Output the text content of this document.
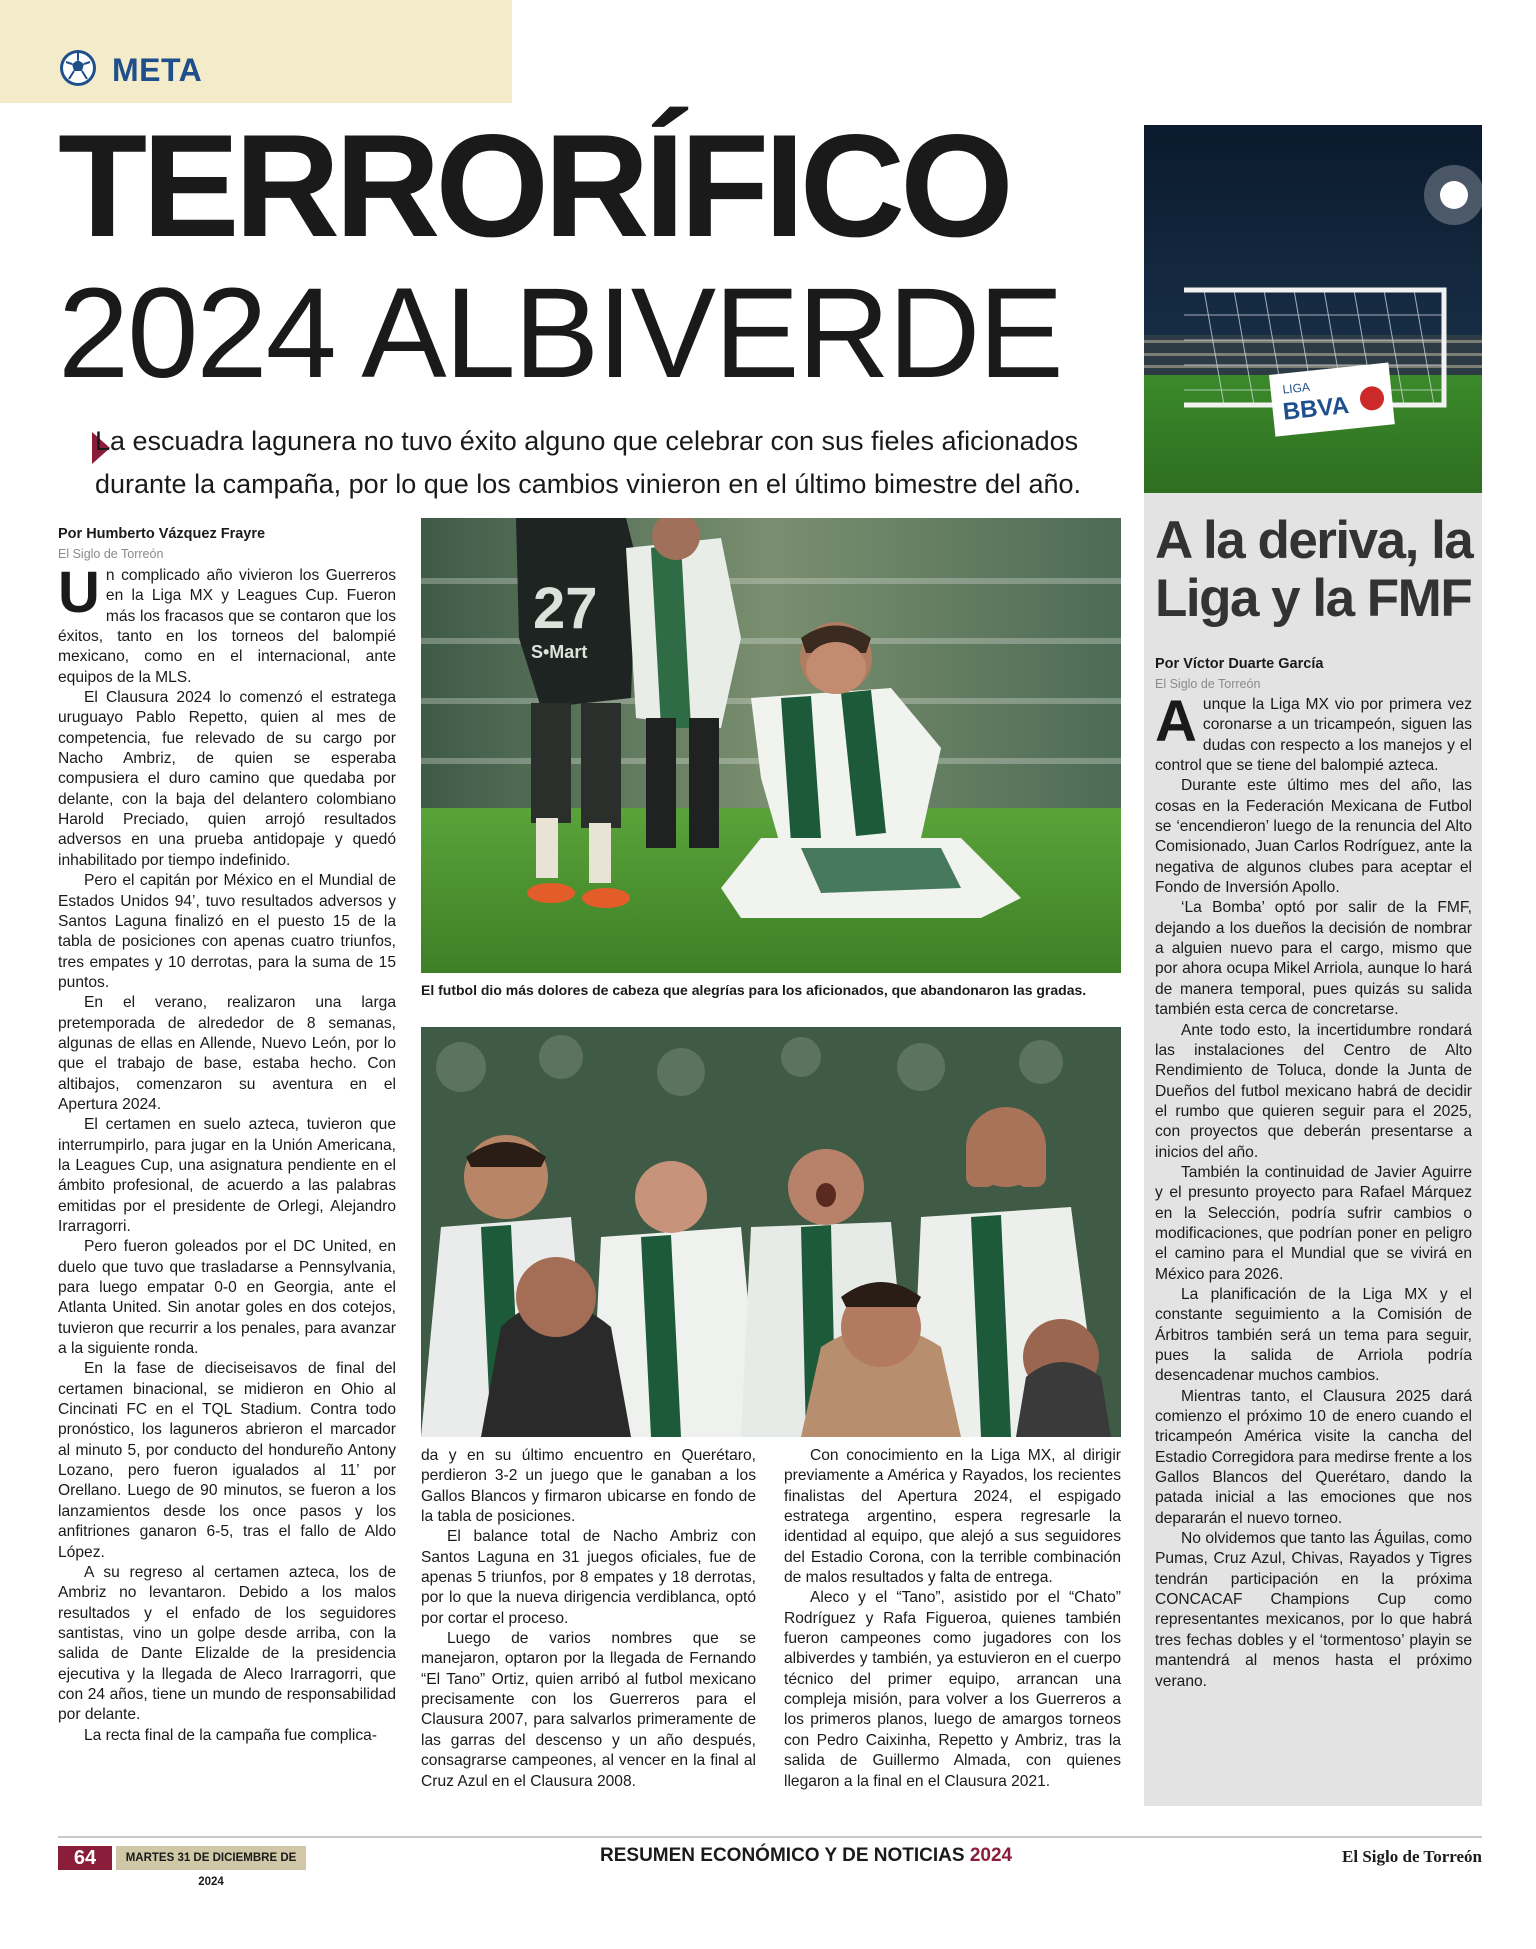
META
TERRORÍFICO
2024 ALBIVERDE
La escuadra lagunera no tuvo éxito alguno que celebrar con sus fieles aficionados durante la campaña, por lo que los cambios vinieron en el último bimestre del año.
Por Humberto Vázquez Frayre
El Siglo de Torreón

Un complicado año vivieron los Guerreros en la Liga MX y Leagues Cup. Fueron más los fracasos que se contaron que los éxitos, tanto en los torneos del balompié mexicano, como en el internacional, ante equipos de la MLS.

El Clausura 2024 lo comenzó el estratega uruguayo Pablo Repetto, quien al mes de competencia, fue relevado de su cargo por Nacho Ambriz, de quien se esperaba compusiera el duro camino que quedaba por delante, con la baja del delantero colombiano Harold Preciado, quien arrojó resultados adversos en una prueba antidopaje y quedó inhabilitado por tiempo indefinido.

Pero el capitán por México en el Mundial de Estados Unidos 94’, tuvo resultados adversos y Santos Laguna finalizó en el puesto 15 de la tabla de posiciones con apenas cuatro triunfos, tres empates y 10 derrotas, para la suma de 15 puntos.

En el verano, realizaron una larga pretemporada de alrededor de 8 semanas, algunas de ellas en Allende, Nuevo León, por lo que el trabajo de base, estaba hecho. Con altibajos, comenzaron su aventura en el Apertura 2024.

El certamen en suelo azteca, tuvieron que interrumpirlo, para jugar en la Unión Americana, la Leagues Cup, una asignatura pendiente en el ámbito profesional, de acuerdo a las palabras emitidas por el presidente de Orlegi, Alejandro Irarragorri.

Pero fueron goleados por el DC United, en duelo que tuvo que trasladarse a Pennsylvania, para luego empatar 0-0 en Georgia, ante el Atlanta United. Sin anotar goles en dos cotejos, tuvieron que recurrir a los penales, para avanzar a la siguiente ronda.

En la fase de dieciseisavos de final del certamen binacional, se midieron en Ohio al Cincinati FC en el TQL Stadium. Contra todo pronóstico, los laguneros abrieron el marcador al minuto 5, por conducto del hondureño Antony Lozano, pero fueron igualados al 11’ por Orellano. Luego de 90 minutos, se fueron a los lanzamientos desde los once pasos y los anfitriones ganaron 6-5, tras el fallo de Aldo López.

A su regreso al certamen azteca, los de Ambriz no levantaron. Debido a los malos resultados y el enfado de los seguidores santistas, vino un golpe desde arriba, con la salida de Dante Elizalde de la presidencia ejecutiva y la llegada de Aleco Irarragorri, que con 24 años, tiene un mundo de responsabilidad por delante.

La recta final de la campaña fue complica-

27
S•Mart
El futbol dio más dolores de cabeza que alegrías para los aficionados, que abandonaron las gradas.

da y en su último encuentro en Querétaro, perdieron 3-2 un juego que le ganaban a los Gallos Blancos y firmaron ubicarse en fondo de la tabla de posiciones.

El balance total de Nacho Ambriz con Santos Laguna en 31 juegos oficiales, fue de apenas 5 triunfos, por 8 empates y 18 derrotas, por lo que la nueva dirigencia verdiblanca, optó por cortar el proceso.

Luego de varios nombres que se manejaron, optaron por la llegada de Fernando “El Tano” Ortiz, quien arribó al futbol mexicano precisamente con los Guerreros para el Clausura 2007, para salvarlos primeramente de las garras del descenso y un año después, consagrarse campeones, al vencer en la final al Cruz Azul en el Clausura 2008.

Con conocimiento en la Liga MX, al dirigir previamente a América y Rayados, los recientes finalistas del Apertura 2024, el espigado estratega argentino, espera regresarle la identidad al equipo, que alejó a sus seguidores del Estadio Corona, con la terrible combinación de malos resultados y falta de entrega.

Aleco y el “Tano”, asistido por el “Chato” Rodríguez y Rafa Figueroa, quienes también fueron campeones como jugadores con los albiverdes y también, ya estuvieron en el cuerpo técnico del primer equipo, arrancan una compleja misión, para volver a los Guerreros a los primeros planos, luego de amargos torneos con Pedro Caixinha, Repetto y Ambriz, tras la salida de Guillermo Almada, con quienes llegaron a la final en el Clausura 2021.

LIGA
BBVA
A la deriva, la Liga y la FMF
Por Víctor Duarte García
El Siglo de Torreón

Aunque la Liga MX vio por primera vez coronarse a un tricampeón, siguen las dudas con respecto a los manejos y el control que se tiene del balompié azteca.

Durante este último mes del año, las cosas en la Federación Mexicana de Futbol se ‘encendieron’ luego de la renuncia del Alto Comisionado, Juan Carlos Rodríguez, ante la negativa de algunos clubes para aceptar el Fondo de Inversión Apollo.

‘La Bomba’ optó por salir de la FMF, dejando a los dueños la decisión de nombrar a alguien nuevo para el cargo, mismo que por ahora ocupa Mikel Arriola, aunque lo hará de manera temporal, pues quizás su salida también esta cerca de concretarse.

Ante todo esto, la incertidumbre rondará las instalaciones del Centro de Alto Rendimiento de Toluca, donde la Junta de Dueños del futbol mexicano habrá de decidir el rumbo que quieren seguir para el 2025, con proyectos que deberán presentarse a inicios del año.

También la continuidad de Javier Aguirre y el presunto proyecto para Rafael Márquez en la Selección, podría sufrir cambios o modificaciones, que podrían poner en peligro el camino para el Mundial que se vivirá en México para 2026.

La planificación de la Liga MX y el constante seguimiento a la Comisión de Árbitros también será un tema para seguir, pues la salida de Arriola podría desencadenar muchos cambios.

Mientras tanto, el Clausura 2025 dará comienzo el próximo 10 de enero cuando el tricampeón América visite la cancha del Estadio Corregidora para medirse frente a los Gallos Blancos del Querétaro, dando la patada inicial a las emociones que nos depararán el nuevo torneo.

No olvidemos que tanto las Águilas, como Pumas, Cruz Azul, Chivas, Rayados y Tigres tendrán participación en la próxima CONCACAF Champions Cup como representantes mexicanos, por lo que habrá tres fechas dobles y el ‘tormentoso’ playin se mantendrá al menos hasta el próximo verano.

64	MARTES 31 DE DICIEMBRE DE 2024
RESUMEN ECONÓMICO Y DE NOTICIAS 2024	El Siglo de Torreón
